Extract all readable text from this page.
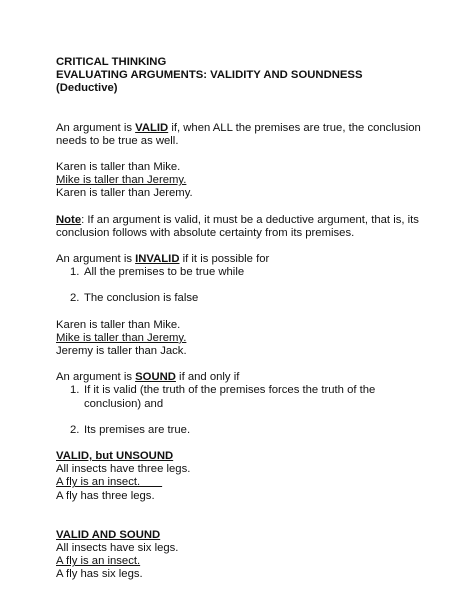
CRITICAL THINKING
EVALUATING ARGUMENTS: VALIDITY AND SOUNDNESS
(Deductive)
An argument is VALID if, when ALL the premises are true, the conclusion
needs to be true as well.
Karen is taller than Mike.
Mike is taller than Jeremy.
Karen is taller than Jeremy.
Note: If an argument is valid, it must be a deductive argument, that is, its
conclusion follows with absolute certainty from its premises.
An argument is INVALID if it is possible for
1. All the premises to be true while
2. The conclusion is false
Karen is taller than Mike.
Mike is taller than Jeremy.
Jeremy is taller than Jack.
An argument is SOUND if and only if
1. If it is valid (the truth of the premises forces the truth of the
conclusion) and
2. Its premises are true.
VALID, but UNSOUND
All insects have three legs.
A fly is an insect.
A fly has three legs.
VALID AND SOUND
All insects have six legs.
A fly is an insect.
A fly has six legs.
